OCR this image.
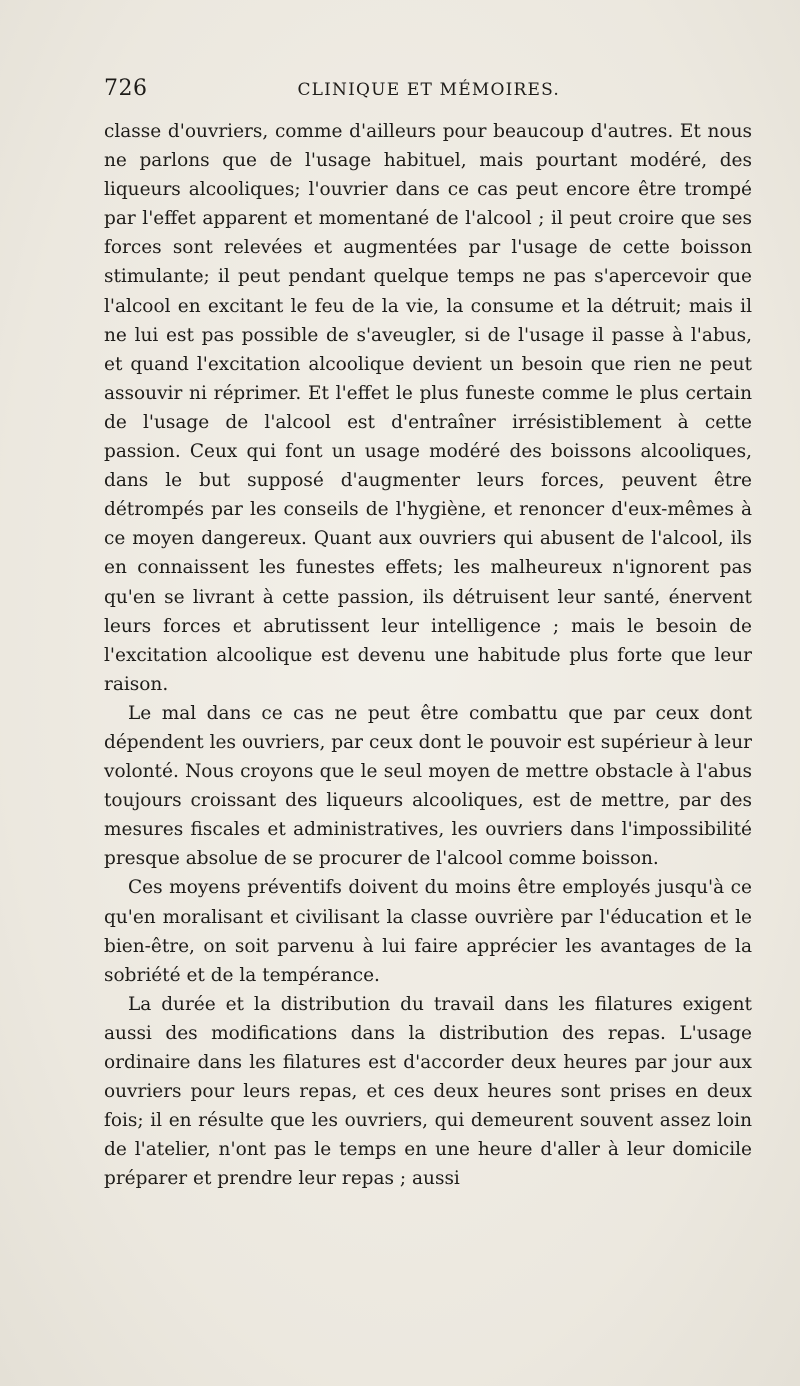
726	CLINIQUE ET MÉMOIRES.

classe d'ouvriers, comme d'ailleurs pour beaucoup d'autres. Et nous ne parlons que de l'usage habituel, mais pourtant modéré, des liqueurs alcooliques; l'ouvrier dans ce cas peut encore être trompé par l'effet apparent et momentané de l'alcool ; il peut croire que ses forces sont relevées et augmentées par l'usage de cette boisson stimulante; il peut pendant quelque temps ne pas s'apercevoir que l'alcool en excitant le feu de la vie, la consume et la détruit; mais il ne lui est pas possible de s'aveugler, si de l'usage il passe à l'abus, et quand l'excitation alcoolique devient un besoin que rien ne peut assouvir ni réprimer. Et l'effet le plus funeste comme le plus certain de l'usage de l'alcool est d'entraîner irrésistiblement à cette passion. Ceux qui font un usage modéré des boissons alcooliques, dans le but supposé d'augmenter leurs forces, peuvent être détrompés par les conseils de l'hygiène, et renoncer d'eux-mêmes à ce moyen dangereux. Quant aux ouvriers qui abusent de l'alcool, ils en connaissent les funestes effets; les malheureux n'ignorent pas qu'en se livrant à cette passion, ils détruisent leur santé, énervent leurs forces et abrutissent leur intelligence ; mais le besoin de l'excitation alcoolique est devenu une habitude plus forte que leur raison.

Le mal dans ce cas ne peut être combattu que par ceux dont dépendent les ouvriers, par ceux dont le pouvoir est supérieur à leur volonté. Nous croyons que le seul moyen de mettre obstacle à l'abus toujours croissant des liqueurs alcooliques, est de mettre, par des mesures fiscales et administratives, les ouvriers dans l'impossibilité presque absolue de se procurer de l'alcool comme boisson.

Ces moyens préventifs doivent du moins être employés jusqu'à ce qu'en moralisant et civilisant la classe ouvrière par l'éducation et le bien-être, on soit parvenu à lui faire apprécier les avantages de la sobriété et de la tempérance.

La durée et la distribution du travail dans les filatures exigent aussi des modifications dans la distribution des repas. L'usage ordinaire dans les filatures est d'accorder deux heures par jour aux ouvriers pour leurs repas, et ces deux heures sont prises en deux fois; il en résulte que les ouvriers, qui demeurent souvent assez loin de l'atelier, n'ont pas le temps en une heure d'aller à leur domicile préparer et prendre leur repas ; aussi
